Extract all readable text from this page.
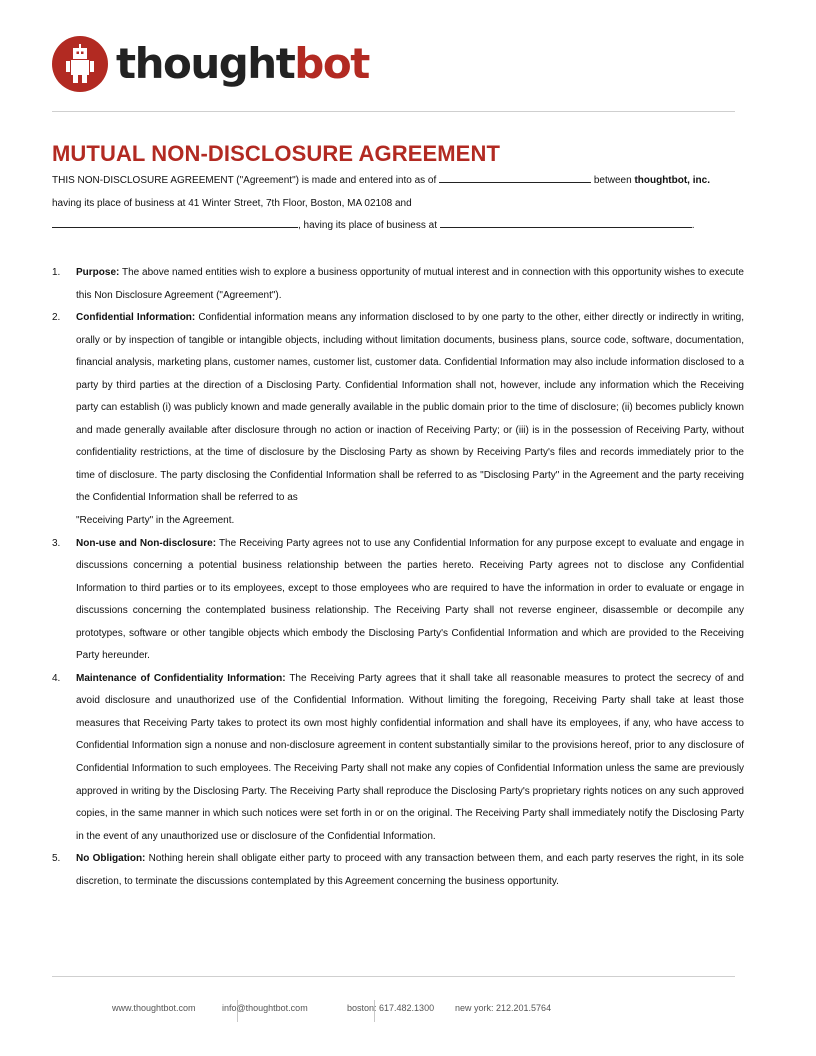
thoughtbot
MUTUAL NON-DISCLOSURE AGREEMENT
THIS NON-DISCLOSURE AGREEMENT ("Agreement") is made and entered into as of	between thoughtbot, inc. having its place of business at 41 Winter Street, 7th Floor, Boston, MA 02108 and
, having its place of business at	.
1. Purpose: The above named entities wish to explore a business opportunity of mutual interest and in connection with this opportunity wishes to execute this Non Disclosure Agreement ("Agreement").
2. Confidential Information: Confidential information means any information disclosed to by one party to the other, either directly or indirectly in writing, orally or by inspection of tangible or intangible objects, including without limitation documents, business plans, source code, software, documentation, financial analysis, marketing plans, customer names, customer list, customer data. Confidential Information may also include information disclosed to a party by third parties at the direction of a Disclosing Party. Confidential Information shall not, however, include any information which the Receiving party can establish (i) was publicly known and made generally available in the public domain prior to the time of disclosure; (ii) becomes publicly known and made generally available after disclosure through no action or inaction of Receiving Party; or (iii) is in the possession of Receiving Party, without confidentiality restrictions, at the time of disclosure by the Disclosing Party as shown by Receiving Party's files and records immediately prior to the time of disclosure. The party disclosing the Confidential Information shall be referred to as "Disclosing Party" in the Agreement and the party receiving the Confidential Information shall be referred to as
"Receiving Party" in the Agreement.
3. Non-use and Non-disclosure: The Receiving Party agrees not to use any Confidential Information for any purpose except to evaluate and engage in discussions concerning a potential business relationship between the parties hereto. Receiving Party agrees not to disclose any Confidential Information to third parties or to its employees, except to those employees who are required to have the information in order to evaluate or engage in discussions concerning the contemplated business relationship. The Receiving Party shall not reverse engineer, disassemble or decompile any prototypes, software or other tangible objects which embody the Disclosing Party's Confidential Information and which are provided to the Receiving Party hereunder.
4. Maintenance of Confidentiality Information: The Receiving Party agrees that it shall take all reasonable measures to protect the secrecy of and avoid disclosure and unauthorized use of the Confidential Information. Without limiting the foregoing, Receiving Party shall take at least those measures that Receiving Party takes to protect its own most highly confidential information and shall have its employees, if any, who have access to Confidential Information sign a nonuse and non-disclosure agreement in content substantially similar to the provisions hereof, prior to any disclosure of Confidential Information to such employees. The Receiving Party shall not make any copies of Confidential Information unless the same are previously approved in writing by the Disclosing Party. The Receiving Party shall reproduce the Disclosing Party's proprietary rights notices on any such approved copies, in the same manner in which such notices were set forth in or on the original. The Receiving Party shall immediately notify the Disclosing Party in the event of any unauthorized use or disclosure of the Confidential Information.
5. No Obligation: Nothing herein shall obligate either party to proceed with any transaction between them, and each party reserves the right, in its sole discretion, to terminate the discussions contemplated by this Agreement concerning the business opportunity.
www.thoughtbot.com	info@thoughtbot.com	boston: 617.482.1300 new york: 212.201.5764
